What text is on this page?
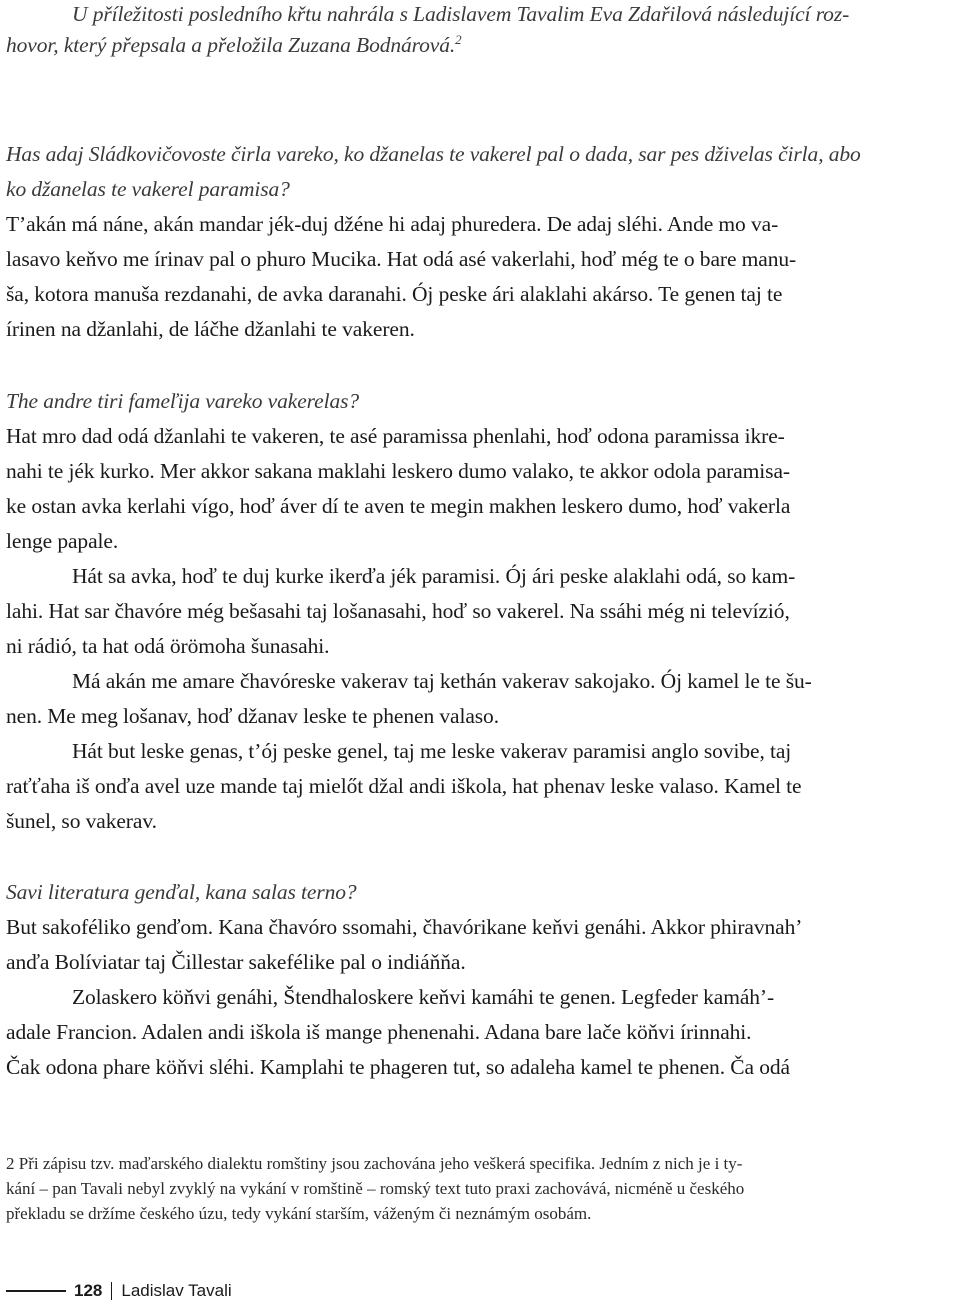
U příležitosti posledního křtu nahrála s Ladislavem Tavalim Eva Zdařilová následující roz-
hovor, který přepsala a přeložila Zuzana Bodnárová.$^2$
Has adaj Sládkovičovoste čirla vareko, ko džanelas te vakerel pal o dada, sar pes dživelas čirla, abo
ko džanelas te vakerel paramisa?
T’akán má náne, akán mandar jék-duj džéne hi adaj phuredera. De adaj sléhi. Ande mo va-
lasavo keňvo me írinav pal o phuro Mucika. Hat odá asé vakerlahi, hoď még te o bare manu-
ša, kotora manuša rezdanahi, de avka daranahi. Ój peske ári alaklahi akárso. Te genen taj te
írinen na džanlahi, de láčhe džanlahi te vakeren.
The andre tiri fameľija vareko vakerelas?
Hat mro dad odá džanlahi te vakeren, te asé paramissa phenlahi, hoď odona paramissa ikre-
nahi te jék kurko. Mer akkor sakana maklahi leskero dumo valako, te akkor odola paramisa-
ke ostan avka kerlahi vígo, hoď áver dí te aven te megin makhen leskero dumo, hoď vakerla
lenge papale.
Hát sa avka, hoď te duj kurke ikerďa jék paramisi. Ój ári peske alaklahi odá, so kam-
lahi. Hat sar čhavóre még bešasahi taj lošanasahi, hoď so vakerel. Na ssáhi még ni televízió,
ni rádió, ta hat odá örömoha šunasahi.
Má akán me amare čhavóreske vakerav taj kethán vakerav sakojako. Ój kamel le te šu-
nen. Me meg lošanav, hoď džanav leske te phenen valaso.
Hát but leske genas, t’ój peske genel, taj me leske vakerav paramisi anglo sovibe, taj
raťťaha iš onďa avel uze mande taj mielőt džal andi iškola, hat phenav leske valaso. Kamel te
šunel, so vakerav.
Savi literatura genďal, kana salas terno?
But sakoféliko genďom. Kana čhavóro ssomahi, čhavórikane keňvi genáhi. Akkor phiravnah’
anďa Bolíviatar taj Čillestar sakefélike pal o indiáňňa.
Zolaskero köňvi genáhi, Štendhaloskere keňvi kamáhi te genen. Legfeder kamáh’-
adale Francion. Adalen andi iškola iš mange phenenahi. Adana bare lače köňvi írinnahi.
Čak odona phare köňvi sléhi. Kamplahi te phageren tut, so adaleha kamel te phenen. Ča odá
2 Při zápisu tzv. maďarského dialektu romštiny jsou zachována jeho veškerá specifika. Jedním z nich je i ty-
kání – pan Tavali nebyl zvyklý na vykání v romštině – romský text tuto praxi zachovává, nicméně u českého
překladu se držíme českého úzu, tedy vykání starším, váženým či neznámým osobám.
128 Ladislav Tavali
